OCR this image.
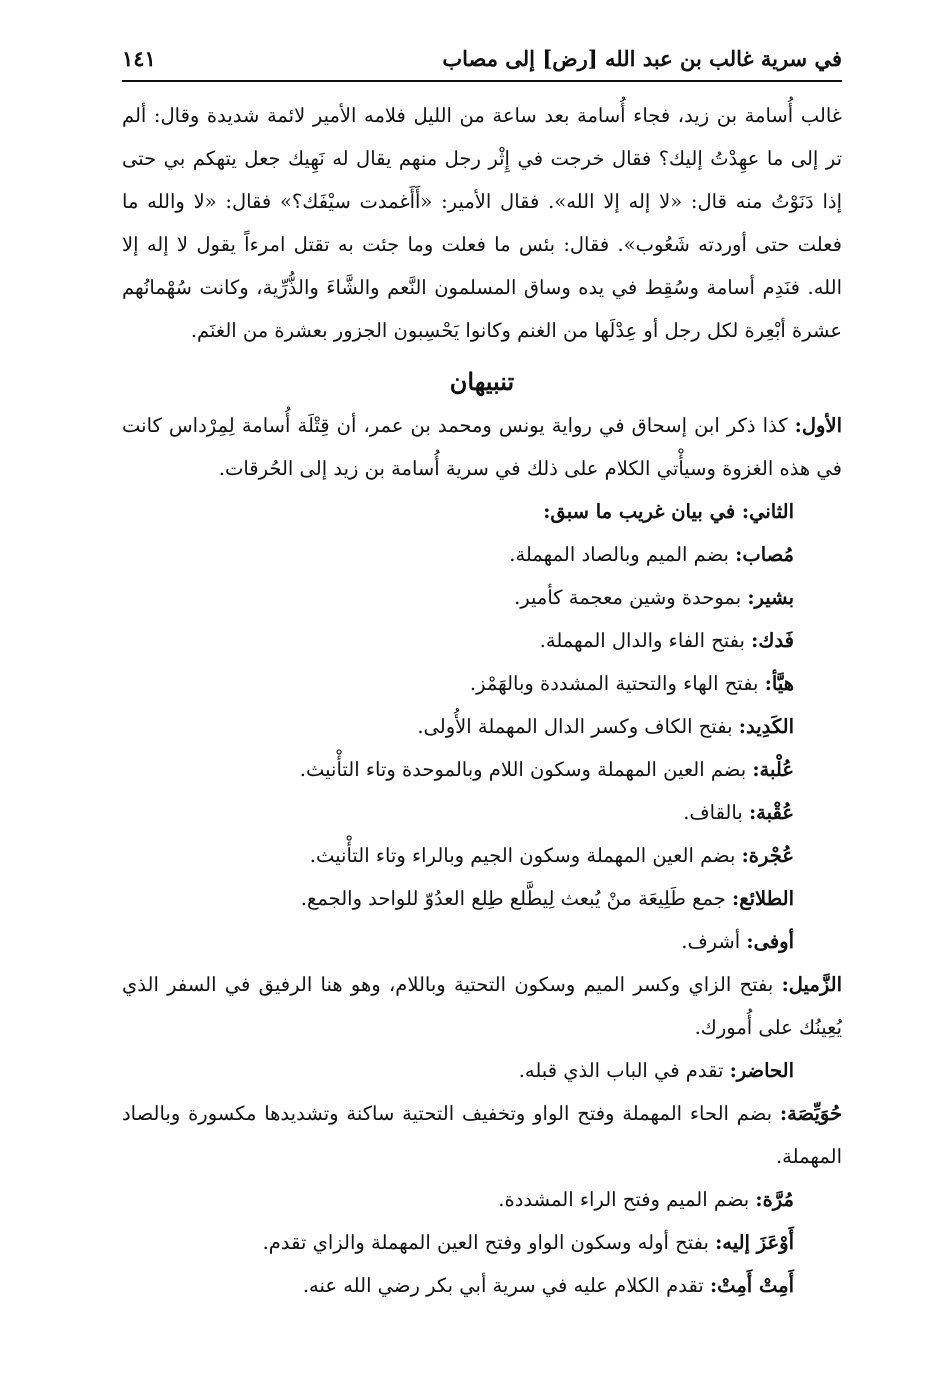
في سرية غالب بن عبد الله [رض] إلى مصاب
١٤١

غالب أُسامة بن زيد، فجاء أُسامة بعد ساعة من الليل فلامه الأمير لائمة شديدة وقال: ألم تر إلى ما عهِدْتُ إليك؟ فقال خرجت في إِثْر رجل منهم يقال له نَهِيك جعل يتهكم بي حتى إذا دَنَوْتُ منه قال: «لا إله إلا الله». فقال الأمير: «أَأَغمدت سيْفَك؟» فقال: «لا والله ما فعلت حتى أوردته شَعُوب». فقال: بئس ما فعلت وما جئت به تقتل امرءاً يقول لا إله إلا الله. فنَدِم أسامة وسُقِط في يده وساق المسلمون النَّعم والشَّاءَ والذُّرِّية، وكانت سُهْمانُهم عشرة أبْعِرة لكل رجل أو عِدْلَها من الغنم وكانوا يَحْسِبون الجزور بعشرة من الغنَم.

تنبيهان

الأول: كذا ذكر ابن إسحاق في رواية يونس ومحمد بن عمر، أن قِتْلَة أُسامة لِمِرْداس كانت في هذه الغزوة وسيأْتي الكلام على ذلك في سرية أُسامة بن زيد إلى الحُرقات.

الثاني: في بيان غريب ما سبق:

مُصاب: بضم الميم وبالصاد المهملة.
بشير: بموحدة وشين معجمة كأمير.
فَدك: بفتح الفاء والدال المهملة.
هيَّأ: بفتح الهاء والتحتية المشددة وبالهَمْز.
الكَدِيد: بفتح الكاف وكسر الدال المهملة الأُولى.
عُلْبة: بضم العين المهملة وسكون اللام وبالموحدة وتاء التأْنيث.
عُقْبة: بالقاف.
عُجْرة: بضم العين المهملة وسكون الجيم وبالراء وتاء التأْنيث.
الطلائع: جمع طَلِيعَة منْ يُبعث لِيطَّلع طِلع العدُوّ للواحد والجمع.
أوفى: أشرف.
الزَّميل: بفتح الزاي وكسر الميم وسكون التحتية وباللام، وهو هنا الرفيق في السفر الذي يُعِينُك على أُمورك.
الحاضر: تقدم في الباب الذي قبله.
حُوَيِّصَة: بضم الحاء المهملة وفتح الواو وتخفيف التحتية ساكنة وتشديدها مكسورة وبالصاد المهملة.
مُرَّة: بضم الميم وفتح الراء المشددة.
أَوْعَزَ إليه: بفتح أوله وسكون الواو وفتح العين المهملة والزاي تقدم.
أَمِتْ أَمِتْ: تقدم الكلام عليه في سرية أبي بكر رضي الله عنه.
